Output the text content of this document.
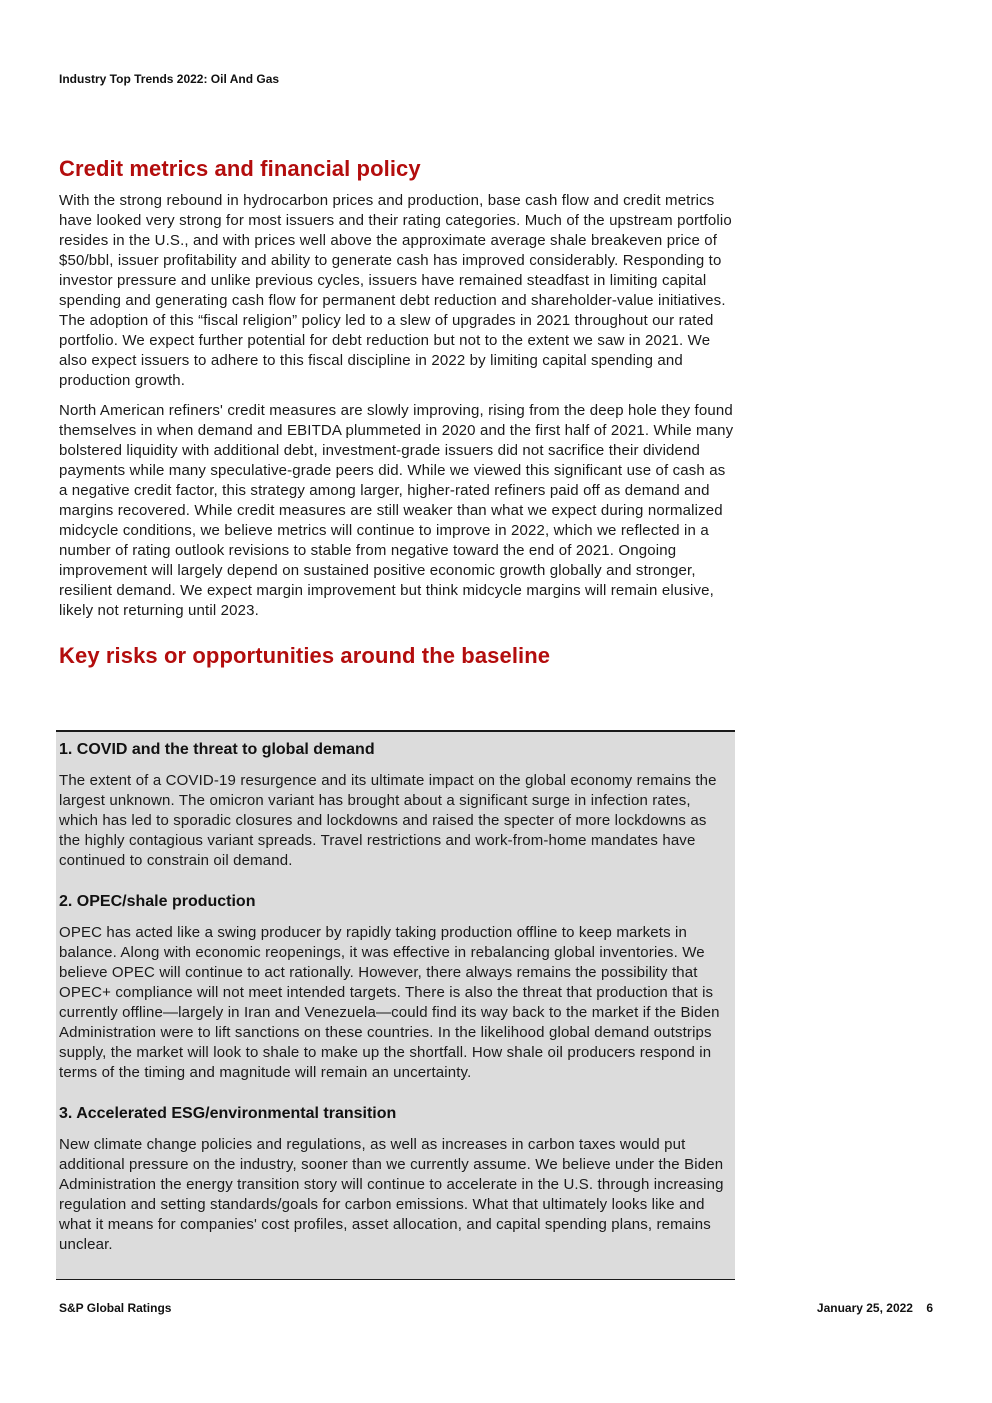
Industry Top Trends 2022: Oil And Gas
Credit metrics and financial policy

With the strong rebound in hydrocarbon prices and production, base cash flow and credit metrics have looked very strong for most issuers and their rating categories. Much of the upstream portfolio resides in the U.S., and with prices well above the approximate average shale breakeven price of $50/bbl, issuer profitability and ability to generate cash has improved considerably. Responding to investor pressure and unlike previous cycles, issuers have remained steadfast in limiting capital spending and generating cash flow for permanent debt reduction and shareholder-value initiatives. The adoption of this “fiscal religion” policy led to a slew of upgrades in 2021 throughout our rated portfolio. We expect further potential for debt reduction but not to the extent we saw in 2021. We also expect issuers to adhere to this fiscal discipline in 2022 by limiting capital spending and production growth.

North American refiners' credit measures are slowly improving, rising from the deep hole they found themselves in when demand and EBITDA plummeted in 2020 and the first half of 2021. While many bolstered liquidity with additional debt, investment-grade issuers did not sacrifice their dividend payments while many speculative-grade peers did. While we viewed this significant use of cash as a negative credit factor, this strategy among larger, higher-rated refiners paid off as demand and margins recovered. While credit measures are still weaker than what we expect during normalized midcycle conditions, we believe metrics will continue to improve in 2022, which we reflected in a number of rating outlook revisions to stable from negative toward the end of 2021. Ongoing improvement will largely depend on sustained positive economic growth globally and stronger, resilient demand. We expect margin improvement but think midcycle margins will remain elusive, likely not returning until 2023.

Key risks or opportunities around the baseline
1. COVID and the threat to global demand

The extent of a COVID-19 resurgence and its ultimate impact on the global economy remains the largest unknown. The omicron variant has brought about a significant surge in infection rates, which has led to sporadic closures and lockdowns and raised the specter of more lockdowns as the highly contagious variant spreads. Travel restrictions and work-from-home mandates have continued to constrain oil demand.

2. OPEC/shale production

OPEC has acted like a swing producer by rapidly taking production offline to keep markets in balance. Along with economic reopenings, it was effective in rebalancing global inventories. We believe OPEC will continue to act rationally. However, there always remains the possibility that OPEC+ compliance will not meet intended targets. There is also the threat that production that is currently offline—largely in Iran and Venezuela—could find its way back to the market if the Biden Administration were to lift sanctions on these countries. In the likelihood global demand outstrips supply, the market will look to shale to make up the shortfall. How shale oil producers respond in terms of the timing and magnitude will remain an uncertainty.

3. Accelerated ESG/environmental transition

New climate change policies and regulations, as well as increases in carbon taxes would put additional pressure on the industry, sooner than we currently assume. We believe under the Biden Administration the energy transition story will continue to accelerate in the U.S. through increasing regulation and setting standards/goals for carbon emissions. What that ultimately looks like and what it means for companies' cost profiles, asset allocation, and capital spending plans, remains unclear.

S&P Global Ratings	January 25, 2022 6
